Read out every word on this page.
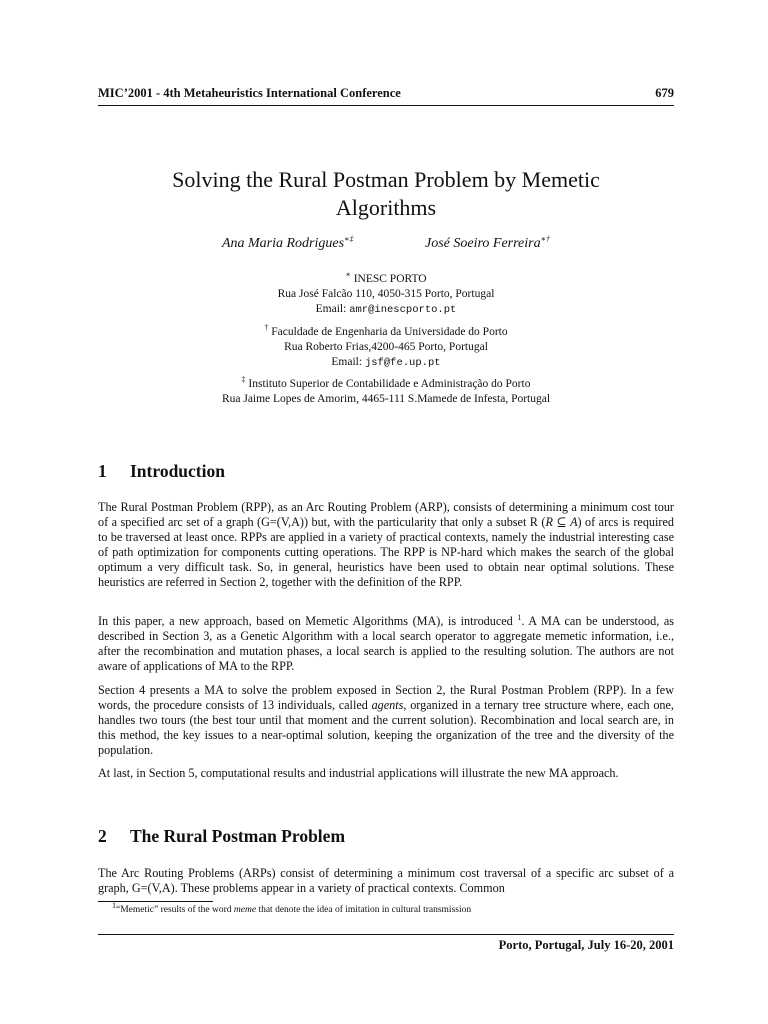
MIC’2001 - 4th Metaheuristics International Conference	679
Solving the Rural Postman Problem by Memetic
Algorithms
Ana Maria Rodrigues∗‡	José Soeiro Ferreira∗†
∗ INESC PORTO
Rua José Falcão 110, 4050-315 Porto, Portugal
Email: amr@inescporto.pt
† Faculdade de Engenharia da Universidade do Porto
Rua Roberto Frias,4200-465 Porto, Portugal
Email: jsf@fe.up.pt
‡ Instituto Superior de Contabilidade e Administração do Porto
Rua Jaime Lopes de Amorim, 4465-111 S.Mamede de Infesta, Portugal
1 Introduction
The Rural Postman Problem (RPP), as an Arc Routing Problem (ARP), consists of determining a minimum cost tour of a specified arc set of a graph (G=(V,A)) but, with the particularity that only a subset R (R ⊆ A) of arcs is required to be traversed at least once. RPPs are applied in a variety of practical contexts, namely the industrial interesting case of path optimization for components cutting operations. The RPP is NP-hard which makes the search of the global optimum a very difficult task. So, in general, heuristics have been used to obtain near optimal solutions. These heuristics are referred in Section 2, together with the definition of the RPP.
In this paper, a new approach, based on Memetic Algorithms (MA), is introduced $^1$. A MA can be understood, as described in Section 3, as a Genetic Algorithm with a local search operator to aggregate memetic information, i.e., after the recombination and mutation phases, a local search is applied to the resulting solution. The authors are not aware of applications of MA to the RPP.
Section 4 presents a MA to solve the problem exposed in Section 2, the Rural Postman Problem (RPP). In a few words, the procedure consists of 13 individuals, called agents, organized in a ternary tree structure where, each one, handles two tours (the best tour until that moment and the current solution). Recombination and local search are, in this method, the key issues to a near-optimal solution, keeping the organization of the tree and the diversity of the population.
At last, in Section 5, computational results and industrial applications will illustrate the new MA approach.
2 The Rural Postman Problem
The Arc Routing Problems (ARPs) consist of determining a minimum cost traversal of a specific arc subset of a graph, G=(V,A). These problems appear in a variety of practical contexts. Common
$^1$“Memetic” results of the word meme that denote the idea of imitation in cultural transmission
Porto, Portugal, July 16-20, 2001
